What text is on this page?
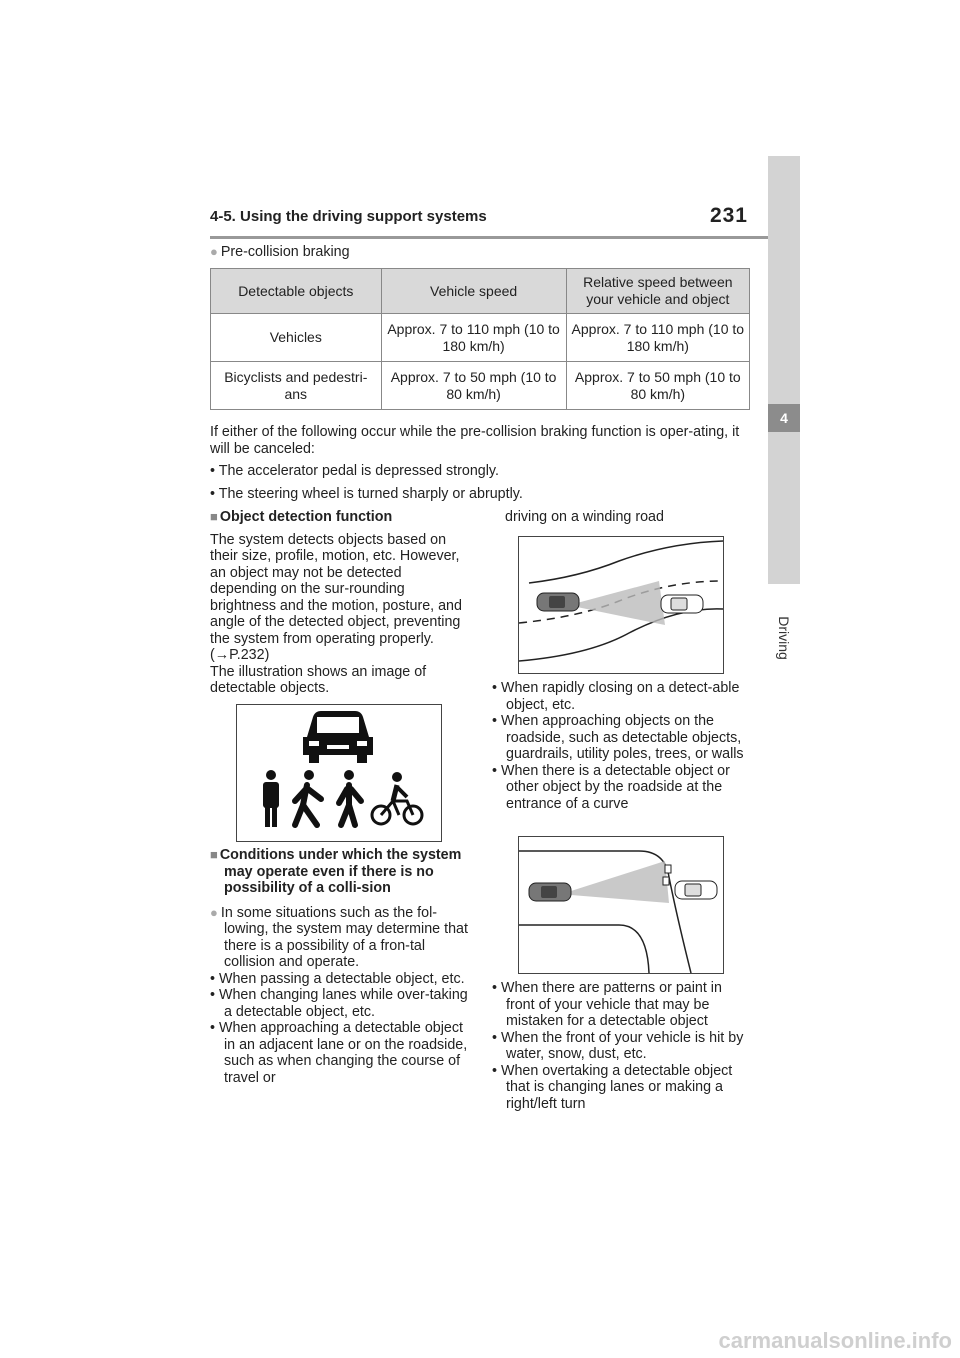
4-5. Using the driving support systems	231
4
Driving
● Pre-collision braking
Detectable objects	Vehicle speed	Relative speed between your vehicle and object
Vehicles	Approx. 7 to 110 mph (10 to 180 km/h)	Approx. 7 to 110 mph (10 to 180 km/h)
Bicyclists and pedestri-ans	Approx. 7 to 50 mph (10 to 80 km/h)	Approx. 7 to 50 mph (10 to 80 km/h)
If either of the following occur while the pre-collision braking function is oper-ating, it will be canceled:
• The accelerator pedal is depressed strongly.
• The steering wheel is turned sharply or abruptly.
■ Object detection function
The system detects objects based on their size, profile, motion, etc. However, an object may not be detected depending on the sur-rounding brightness and the motion, posture, and angle of the detected object, preventing the system from operating properly. (→P.232)
The illustration shows an image of detectable objects.
■ Conditions under which the system may operate even if there is no possibility of a colli-sion
● In some situations such as the fol-lowing, the system may determine that there is a possibility of a fron-tal collision and operate.
• When passing a detectable object, etc.
• When changing lanes while over-taking a detectable object, etc.
• When approaching a detectable object in an adjacent lane or on the roadside, such as when changing the course of travel or
driving on a winding road
• When rapidly closing on a detect-able object, etc.
• When approaching objects on the roadside, such as detectable objects, guardrails, utility poles, trees, or walls
• When there is a detectable object or other object by the roadside at the entrance of a curve
• When there are patterns or paint in front of your vehicle that may be mistaken for a detectable object
• When the front of your vehicle is hit by water, snow, dust, etc.
• When overtaking a detectable object that is changing lanes or making a right/left turn
carmanualsonline.info
